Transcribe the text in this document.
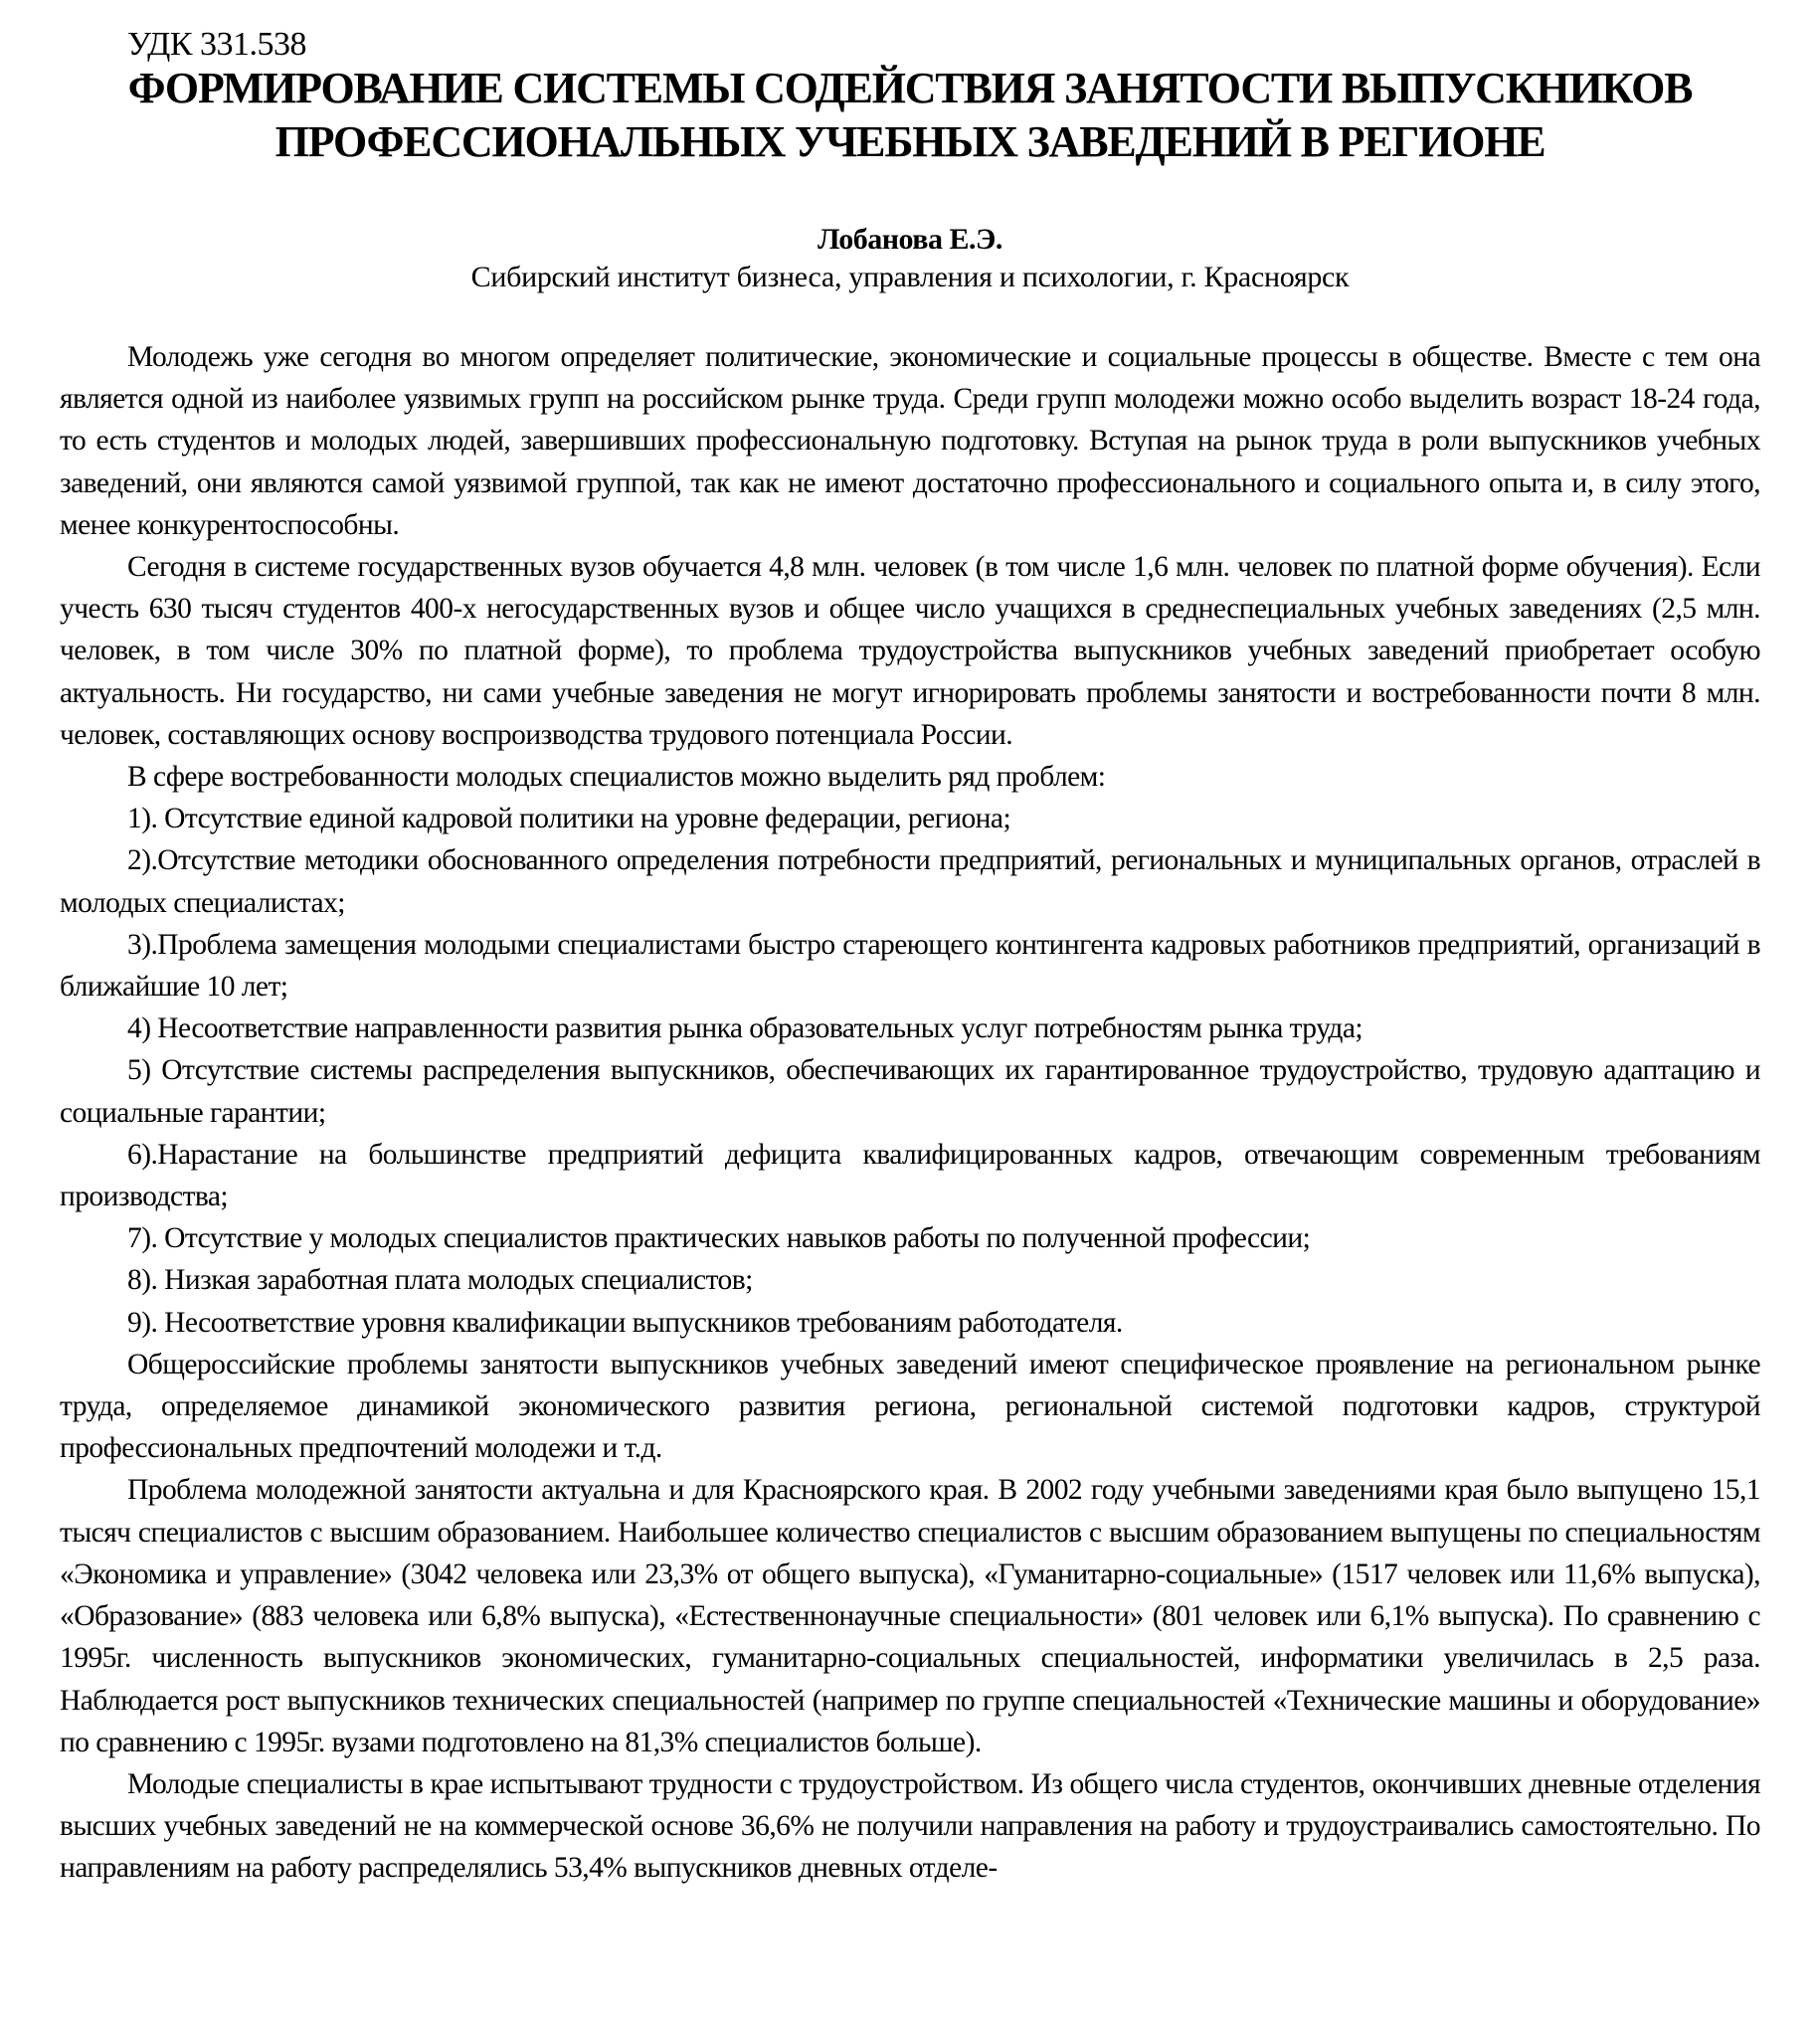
УДК 331.538
ФОРМИРОВАНИЕ СИСТЕМЫ СОДЕЙСТВИЯ ЗАНЯТОСТИ ВЫПУСКНИКОВ
ПРОФЕССИОНАЛЬНЫХ УЧЕБНЫХ ЗАВЕДЕНИЙ В РЕГИОНЕ
Лобанова Е.Э.
Сибирский институт бизнеса, управления и психологии, г. Красноярск

Молодежь уже сегодня во многом определяет политические, экономические и социальные процессы в обществе. Вместе с тем она является одной из наиболее уязвимых групп на российском рынке труда. Среди групп молодежи можно особо выделить возраст 18-24 года, то есть студентов и молодых людей, завершивших профессиональную подготовку. Вступая на рынок труда в роли выпускников учебных заведений, они являются самой уязвимой группой, так как не имеют достаточно профессионального и социального опыта и, в силу этого, менее конкурентоспособны.

Сегодня в системе государственных вузов обучается 4,8 млн. человек (в том числе 1,6 млн. человек по платной форме обучения). Если учесть 630 тысяч студентов 400-х негосударственных вузов и общее число учащихся в среднеспециальных учебных заведениях (2,5 млн. человек, в том числе 30% по платной форме), то проблема трудоустройства выпускников учебных заведений приобретает особую актуальность. Ни государство, ни сами учебные заведения не могут игнорировать проблемы занятости и востребованности почти 8 млн. человек, составляющих основу воспроизводства трудового потенциала России.

В сфере востребованности молодых специалистов можно выделить ряд проблем:

1). Отсутствие единой кадровой политики на уровне федерации, региона;

2).Отсутствие методики обоснованного определения потребности предприятий, региональных и муниципальных органов, отраслей в молодых специалистах;

3).Проблема замещения молодыми специалистами быстро стареющего контингента кадровых работников предприятий, организаций в ближайшие 10 лет;

4) Несоответствие направленности развития рынка образовательных услуг потребностям рынка труда;

5) Отсутствие системы распределения выпускников, обеспечивающих их гарантированное трудоустройство, трудовую адаптацию и социальные гарантии;

6).Нарастание на большинстве предприятий дефицита квалифицированных кадров, отвечающим современным требованиям производства;

7). Отсутствие у молодых специалистов практических навыков работы по полученной профессии;

8). Низкая заработная плата молодых специалистов;

9). Несоответствие уровня квалификации выпускников требованиям работодателя.

Общероссийские проблемы занятости выпускников учебных заведений имеют специфическое проявление на региональном рынке труда, определяемое динамикой экономического развития региона, региональной системой подготовки кадров, структурой профессиональных предпочтений молодежи и т.д.

Проблема молодежной занятости актуальна и для Красноярского края. В 2002 году учебными заведениями края было выпущено 15,1 тысяч специалистов с высшим образованием. Наибольшее количество специалистов с высшим образованием выпущены по специальностям «Экономика и управление» (3042 человека или 23,3% от общего выпуска), «Гуманитарно-социальные» (1517 человек или 11,6% выпуска), «Образование» (883 человека или 6,8% выпуска), «Естественнонаучные специальности» (801 человек или 6,1% выпуска). По сравнению с 1995г. численность выпускников экономических, гуманитарно-социальных специальностей, информатики увеличилась в 2,5 раза. Наблюдается рост выпускников технических специальностей (например по группе специальностей «Технические машины и оборудование» по сравнению с 1995г. вузами подготовлено на 81,3% специалистов больше).

Молодые специалисты в крае испытывают трудности с трудоустройством. Из общего числа студентов, окончивших дневные отделения высших учебных заведений не на коммерческой основе 36,6% не получили направления на работу и трудоустраивались самостоятельно. По направлениям на работу распределялись 53,4% выпускников дневных отделе-
